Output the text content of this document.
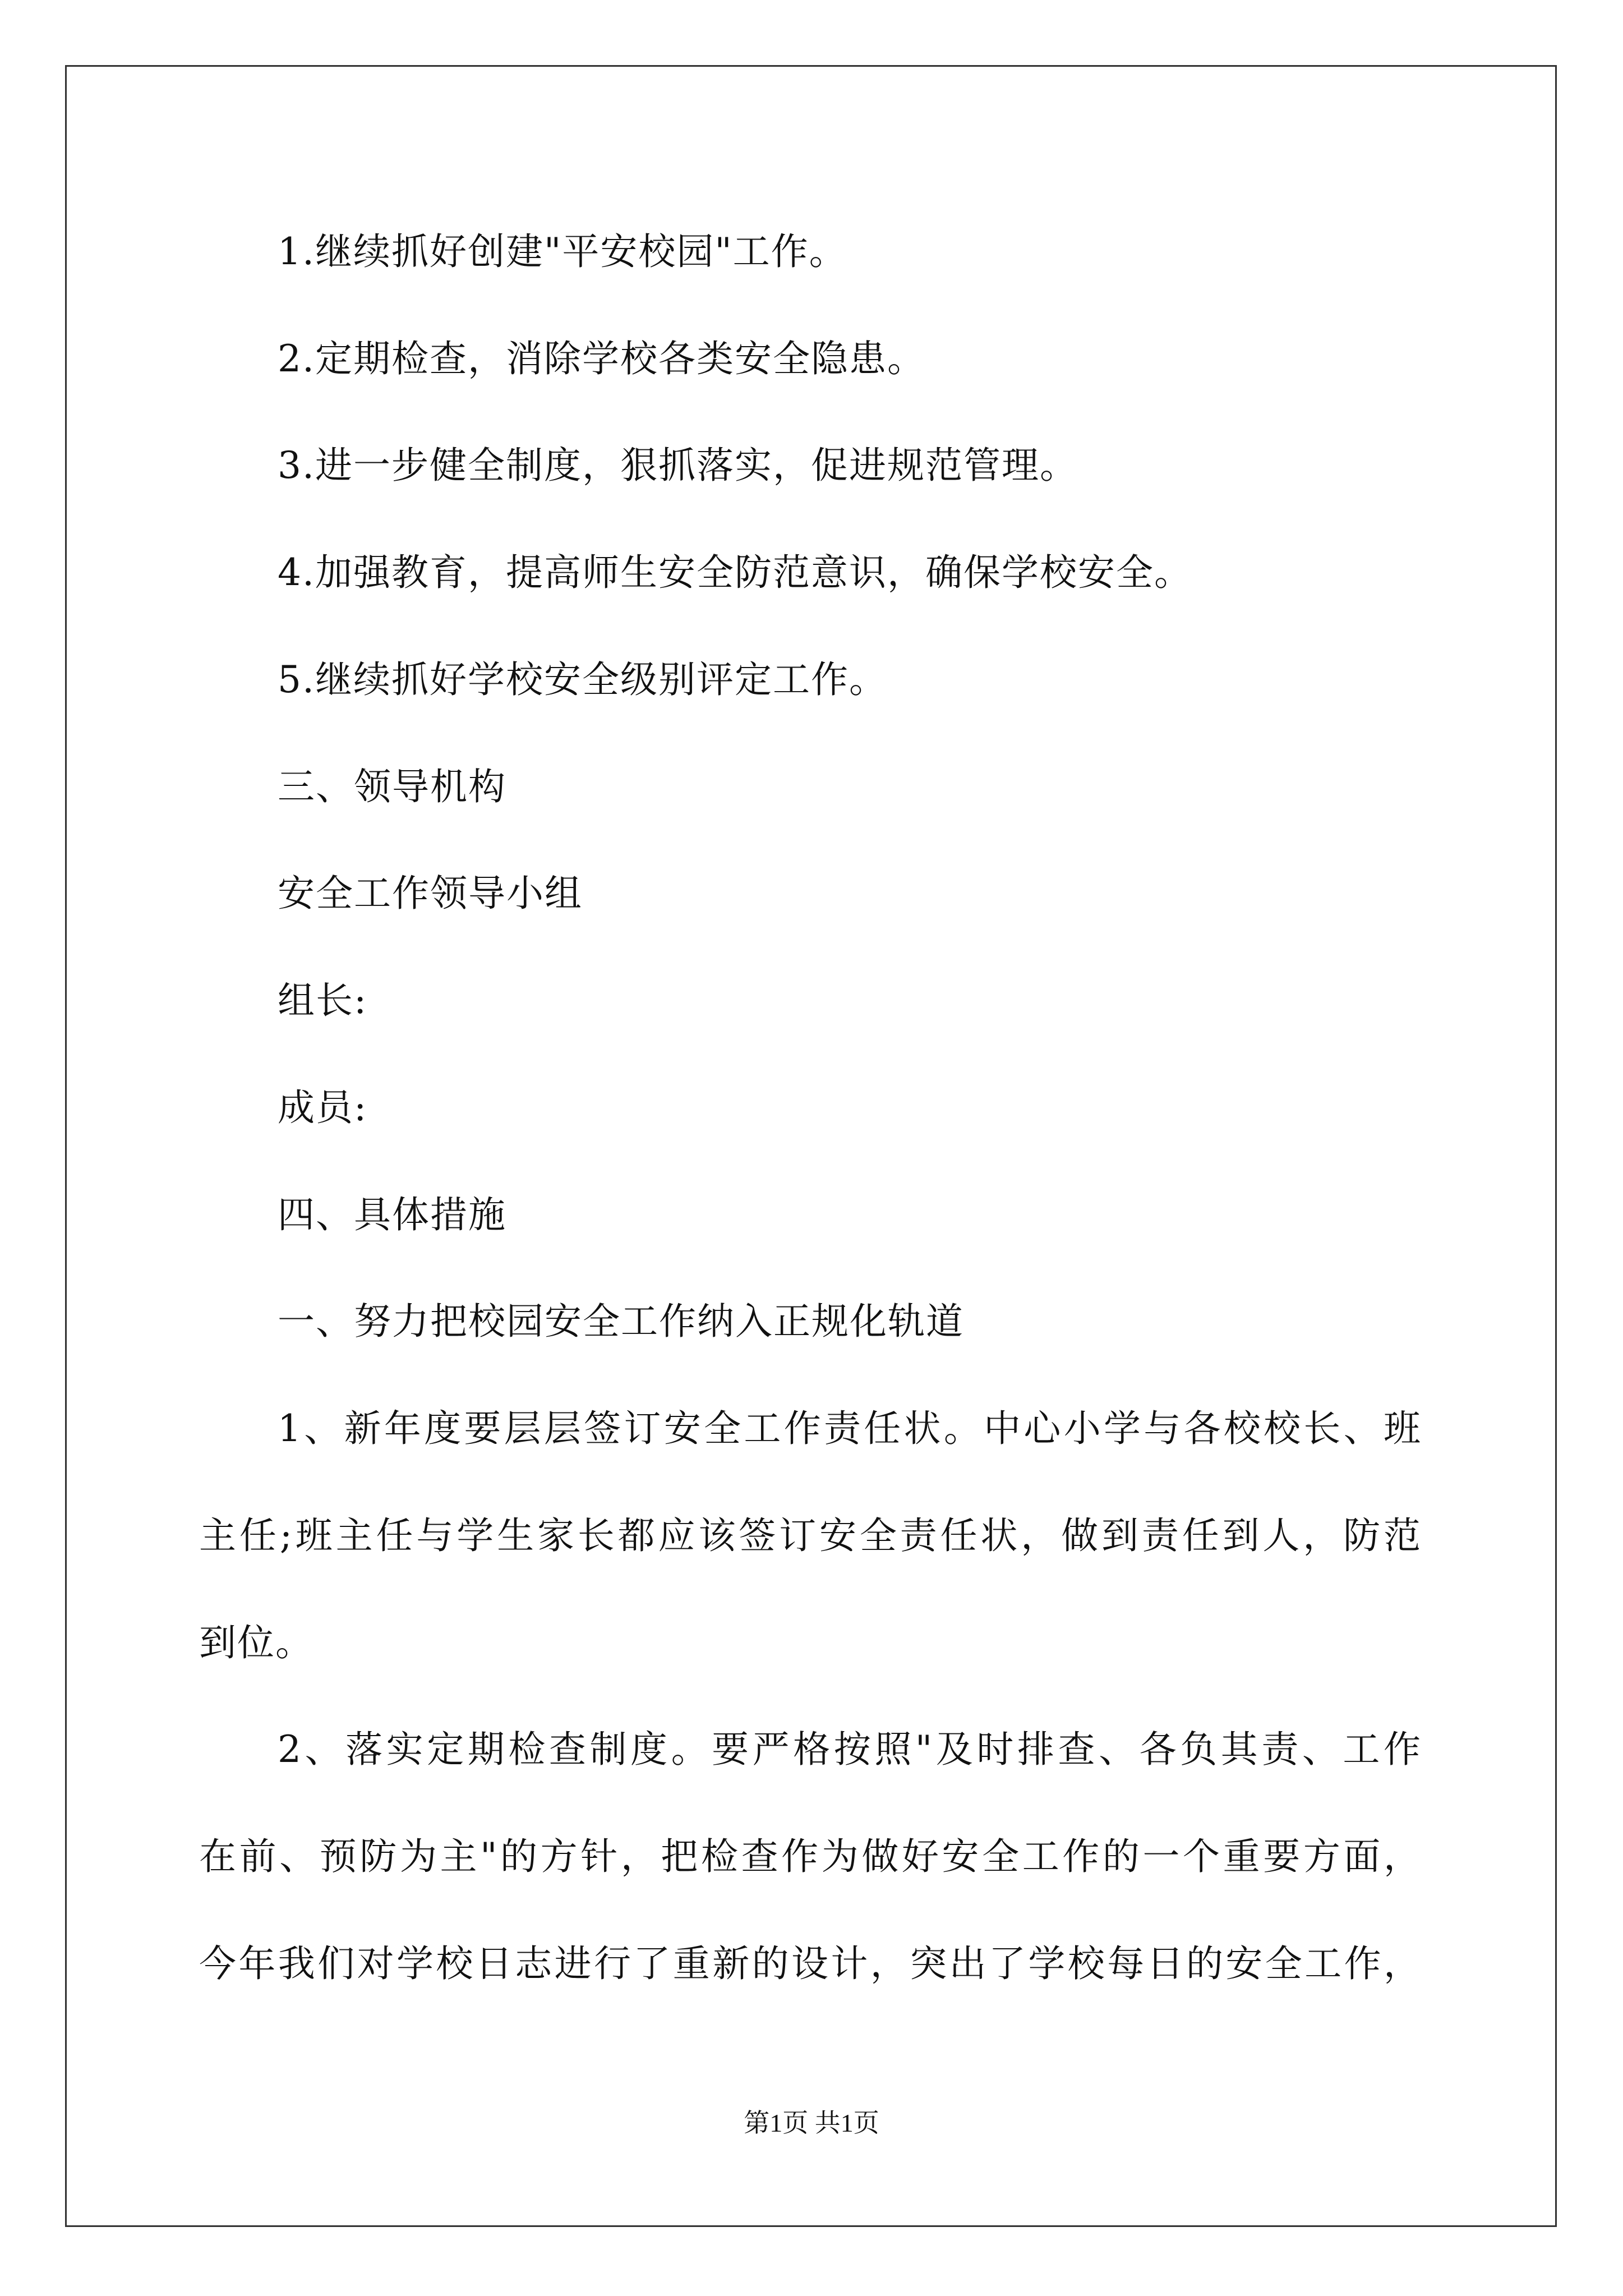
1.继续抓好创建"平安校园"工作。
2.定期检查，消除学校各类安全隐患。
3.进一步健全制度，狠抓落实，促进规范管理。
4.加强教育，提高师生安全防范意识，确保学校安全。
5.继续抓好学校安全级别评定工作。
三、领导机构
安全工作领导小组
组长:
成员:
四、具体措施
一、努力把校园安全工作纳入正规化轨道
1、新年度要层层签订安全工作责任状。中心小学与各校校长、班
主任;班主任与学生家长都应该签订安全责任状，做到责任到人，防范
到位。
2、落实定期检查制度。要严格按照"及时排查、各负其责、工作
在前、预防为主"的方针，把检查作为做好安全工作的一个重要方面，
今年我们对学校日志进行了重新的设计，突出了学校每日的安全工作，
第1页 共1页
